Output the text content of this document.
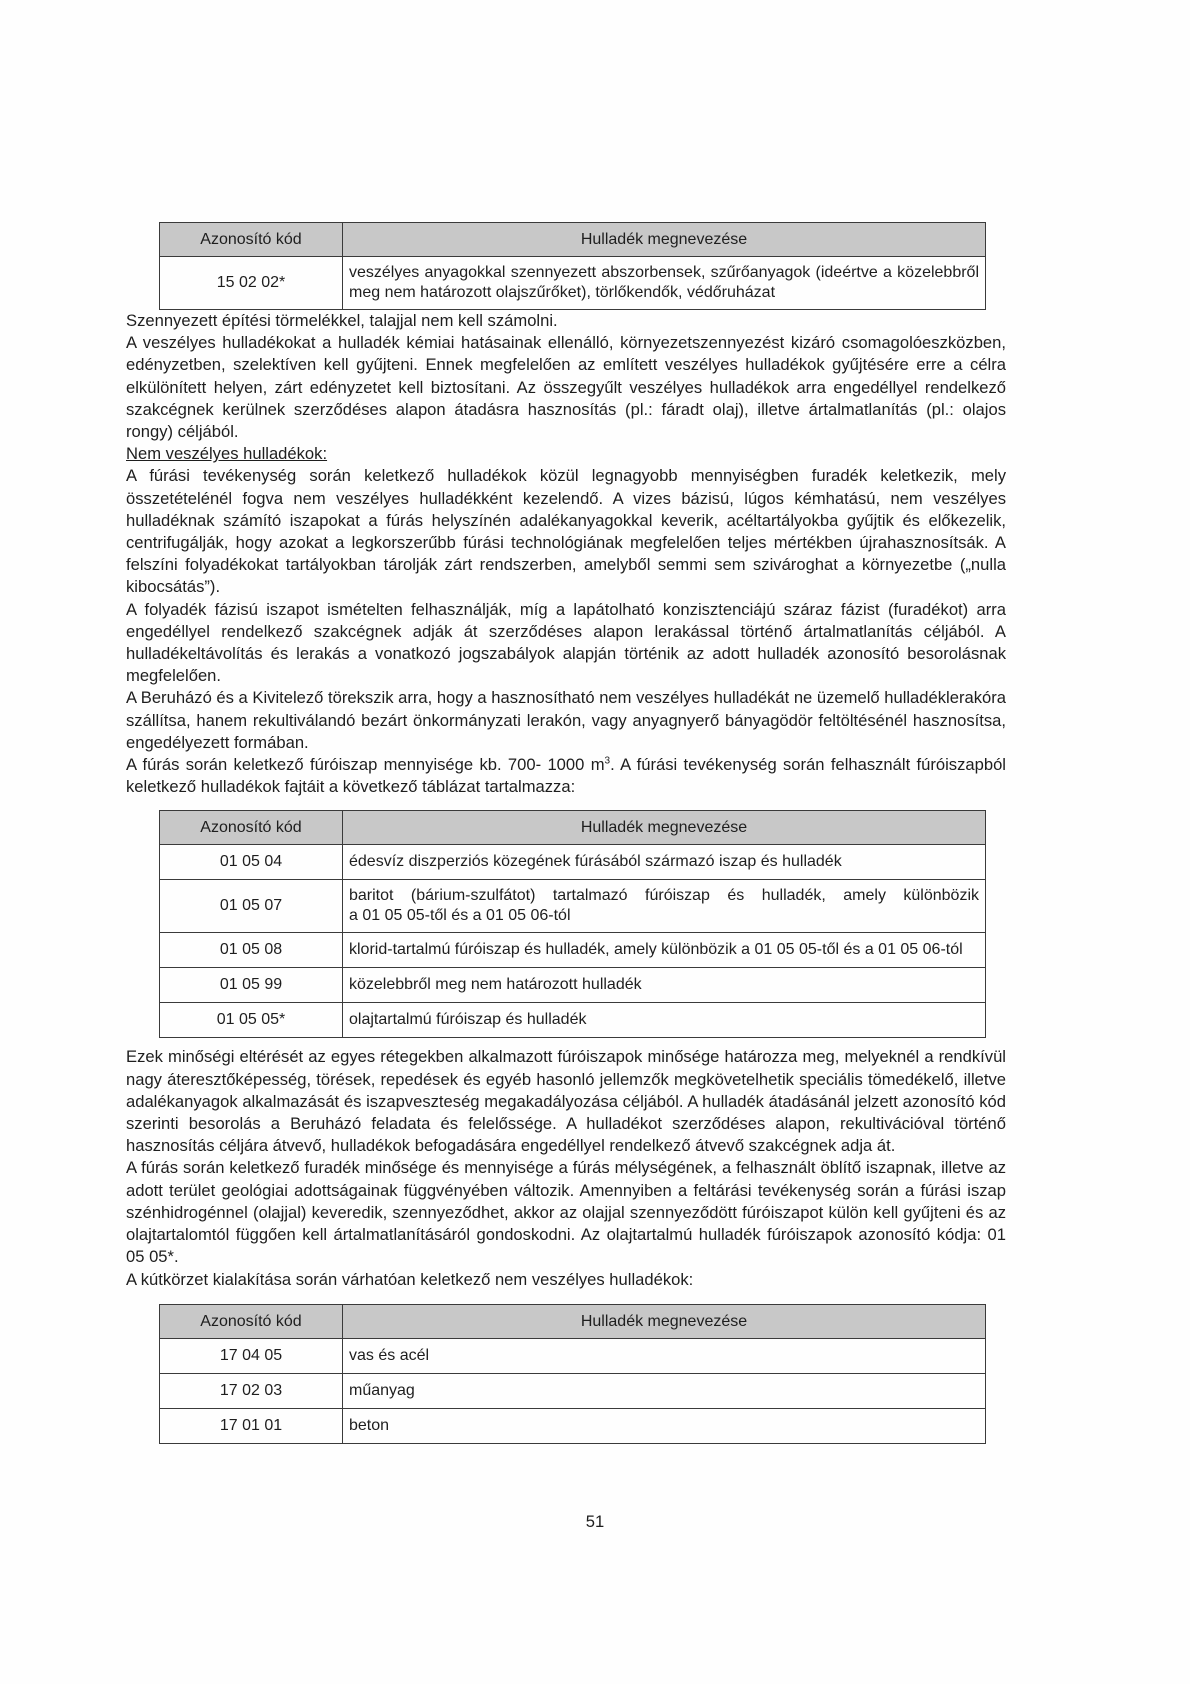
Azonosító kód	Hulladék megnevezése
15 02 02*	veszélyes anyagokkal szennyezett abszorbensek, szűrőanyagok (ideértve a közelebbről meg nem határozott olajszűrőket), törlőkendők, védőruházat

Szennyezett építési törmelékkel, talajjal nem kell számolni.

A veszélyes hulladékokat a hulladék kémiai hatásainak ellenálló, környezetszennyezést kizáró csomagolóeszközben, edényzetben, szelektíven kell gyűjteni. Ennek megfelelően az említett veszélyes hulladékok gyűjtésére erre a célra elkülönített helyen, zárt edényzetet kell biztosítani. Az összegyűlt veszélyes hulladékok arra engedéllyel rendelkező szakcégnek kerülnek szerződéses alapon átadásra hasznosítás (pl.: fáradt olaj), illetve ártalmatlanítás (pl.: olajos rongy) céljából.

Nem veszélyes hulladékok:

A fúrási tevékenység során keletkező hulladékok közül legnagyobb mennyiségben furadék keletkezik, mely összetételénél fogva nem veszélyes hulladékként kezelendő. A vizes bázisú, lúgos kémhatású, nem veszélyes hulladéknak számító iszapokat a fúrás helyszínén adalékanyagokkal keverik, acéltartályokba gyűjtik és előkezelik, centrifugálják, hogy azokat a legkorszerűbb fúrási technológiának megfelelően teljes mértékben újrahasznosítsák. A felszíni folyadékokat tartályokban tárolják zárt rendszerben, amelyből semmi sem szivároghat a környezetbe („nulla kibocsátás”).

A folyadék fázisú iszapot ismételten felhasználják, míg a lapátolható konzisztenciájú száraz fázist (furadékot) arra engedéllyel rendelkező szakcégnek adják át szerződéses alapon lerakással történő ártalmatlanítás céljából. A hulladékeltávolítás és lerakás a vonatkozó jogszabályok alapján történik az adott hulladék azonosító besorolásnak megfelelően.

A Beruházó és a Kivitelező törekszik arra, hogy a hasznosítható nem veszélyes hulladékát ne üzemelő hulladéklerakóra szállítsa, hanem rekultiválandó bezárt önkormányzati lerakón, vagy anyagnyerő bányagödör feltöltésénél hasznosítsa, engedélyezett formában.

A fúrás során keletkező fúróiszap mennyisége kb. 700- 1000 $m^3$. A fúrási tevékenység során felhasznált fúróiszapból keletkező hulladékok fajtáit a következő táblázat tartalmazza:

Azonosító kód	Hulladék megnevezése
01 05 04	édesvíz diszperziós közegének fúrásából származó iszap és hulladék
01 05 07	baritot (bárium-szulfátot) tartalmazó fúróiszap és hulladék, amely különbözik
a 01 05 05-től és a 01 05 06-tól

01 05 08	klorid-tartalmú fúróiszap és hulladék, amely különbözik a 01 05 05-től és a 01 05 06-tól
01 05 99	közelebbről meg nem határozott hulladék
01 05 05*	olajtartalmú fúróiszap és hulladék

Ezek minőségi eltérését az egyes rétegekben alkalmazott fúróiszapok minősége határozza meg, melyeknél a rendkívül nagy áteresztőképesség, törések, repedések és egyéb hasonló jellemzők megkövetelhetik speciális tömedékelő, illetve adalékanyagok alkalmazását és iszapveszteség megakadályozása céljából. A hulladék átadásánál jelzett azonosító kód szerinti besorolás a Beruházó feladata és felelőssége. A hulladékot szerződéses alapon, rekultivációval történő hasznosítás céljára átvevő, hulladékok befogadására engedéllyel rendelkező átvevő szakcégnek adja át.

A fúrás során keletkező furadék minősége és mennyisége a fúrás mélységének, a felhasznált öblítő iszapnak, illetve az adott terület geológiai adottságainak függvényében változik. Amennyiben a feltárási tevékenység során a fúrási iszap szénhidrogénnel (olajjal) keveredik, szennyeződhet, akkor az olajjal szennyeződött fúróiszapot külön kell gyűjteni és az olajtartalomtól függően kell ártalmatlanításáról gondoskodni. Az olajtartalmú hulladék fúróiszapok azonosító kódja: 01 05 05*.

A kútkörzet kialakítása során várhatóan keletkező nem veszélyes hulladékok:

Azonosító kód	Hulladék megnevezése
17 04 05	vas és acél
17 02 03	műanyag
17 01 01	beton
51
